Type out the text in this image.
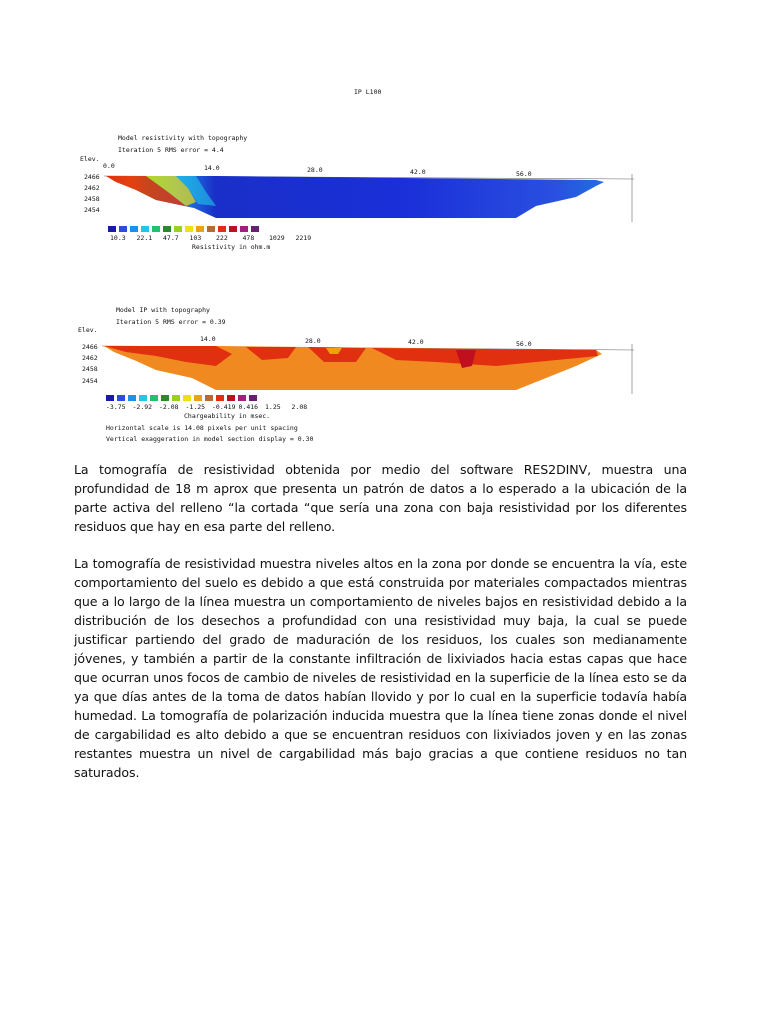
IP L100
Model resistivity with topography
Iteration 5 RMS error = 4.4
Elev.
0.0	14.0	28.0	42.0	56.0
2466
2462
2458
2454
10.3	22.1	47.7	103	222	478	1029	2219
Resistivity in ohm.m
Model IP with topography
Iteration 5 RMS error = 0.39
Elev.
14.0	28.0	42.0	56.0
2466
2462
2458
2454
-3.75	-2.92	-2.08	-1.25	-0.419 0.416	1.25	2.08
Chargeability in msec.
Horizontal scale is 14.08 pixels per unit spacing
Vertical exaggeration in model section display = 0.30

La tomografía de resistividad obtenida por medio del software RES2DINV, muestra una profundidad de 18 m aprox que presenta un patrón de datos a lo esperado a la ubicación de la parte activa del relleno “la cortada “que sería una zona con baja resistividad por los diferentes residuos que hay en esa parte del relleno.

La tomografía de resistividad muestra niveles altos en la zona por donde se encuentra la vía, este comportamiento del suelo es debido a que está construida por materiales compactados mientras que a lo largo de la línea muestra un comportamiento de niveles bajos en resistividad debido a la distribución de los desechos a profundidad con una resistividad muy baja, la cual se puede justificar partiendo del grado de maduración de los residuos, los cuales son medianamente jóvenes, y también a partir de la constante infiltración de lixiviados hacia estas capas que hace que ocurran unos focos de cambio de niveles de resistividad en la superficie de la línea esto se da ya que días antes de la toma de datos habían llovido y por lo cual en la superficie todavía había humedad. La tomografía de polarización inducida muestra que la línea tiene zonas donde el nivel de cargabilidad es alto debido a que se encuentran residuos con lixiviados joven y en las zonas restantes muestra un nivel de cargabilidad más bajo gracias a que contiene residuos no tan saturados.
